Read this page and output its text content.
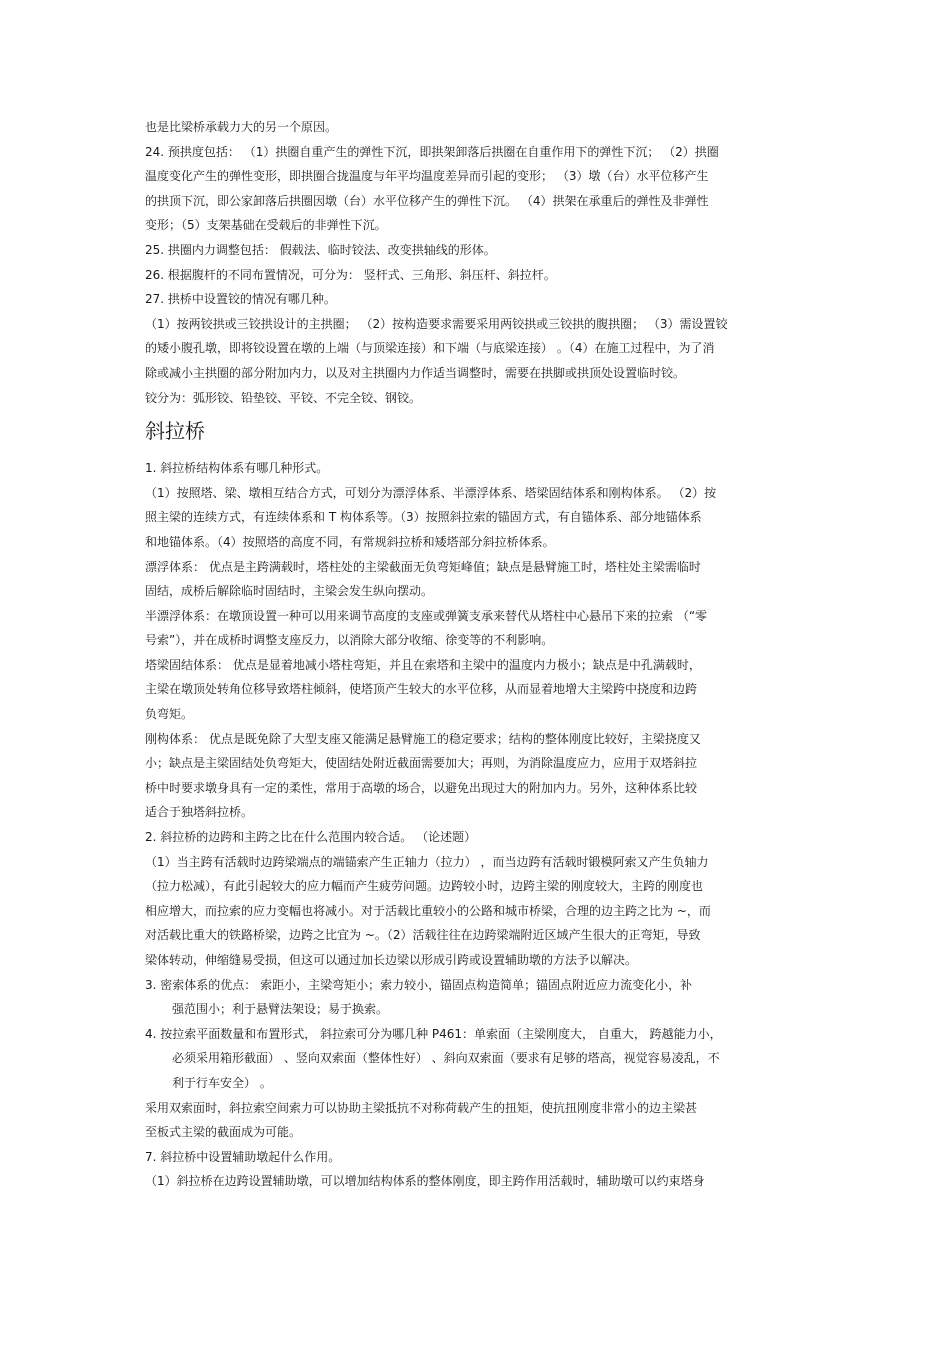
也是比梁桥承载力大的另一个原因。
24. 预拱度包括： （1）拱圈自重产生的弹性下沉，即拱架卸落后拱圈在自重作用下的弹性下沉； （2）拱圈
温度变化产生的弹性变形，即拱圈合拢温度与年平均温度差异而引起的变形； （3）墩（台）水平位移产生
的拱顶下沉，即公家卸落后拱圈因墩（台）水平位移产生的弹性下沉。 （4）拱架在承重后的弹性及非弹性
变形；（5）支架基础在受载后的非弹性下沉。
25. 拱圈内力调整包括： 假载法、临时铰法、改变拱轴线的形体。
26. 根据腹杆的不同布置情况，可分为： 竖杆式、三角形、斜压杆、斜拉杆。
27. 拱桥中设置铰的情况有哪几种。
（1）按两铰拱或三铰拱设计的主拱圈； （2）按构造要求需要采用两铰拱或三铰拱的腹拱圈； （3）需设置铰
的矮小腹孔墩，即将铰设置在墩的上端（与顶梁连接）和下端（与底梁连接） 。（4）在施工过程中，为了消
除或减小主拱圈的部分附加内力，以及对主拱圈内力作适当调整时，需要在拱脚或拱顶处设置临时铰。
铰分为：弧形铰、铅垫铰、平铰、不完全铰、钢铰。
斜拉桥
1. 斜拉桥结构体系有哪几种形式。
（1）按照塔、梁、墩相互结合方式，可划分为漂浮体系、半漂浮体系、塔梁固结体系和刚构体系。 （2）按
照主梁的连续方式，有连续体系和 T 构体系等。（3）按照斜拉索的锚固方式，有自锚体系、部分地锚体系
和地锚体系。（4）按照塔的高度不同，有常规斜拉桥和矮塔部分斜拉桥体系。
漂浮体系： 优点是主跨满载时，塔柱处的主梁截面无负弯矩峰值；缺点是悬臂施工时，塔柱处主梁需临时
固结，成桥后解除临时固结时，主梁会发生纵向摆动。
半漂浮体系：在墩顶设置一种可以用来调节高度的支座或弹簧支承来替代从塔柱中心悬吊下来的拉索 （“零
号索”），并在成桥时调整支座反力，以消除大部分收缩、徐变等的不利影响。
塔梁固结体系： 优点是显着地减小塔柱弯矩，并且在索塔和主梁中的温度内力极小；缺点是中孔满载时，
主梁在墩顶处转角位移导致塔柱倾斜，使塔顶产生较大的水平位移，从而显着地增大主梁跨中挠度和边跨
负弯矩。
刚构体系： 优点是既免除了大型支座又能满足悬臂施工的稳定要求；结构的整体刚度比较好，主梁挠度又
小；缺点是主梁固结处负弯矩大，使固结处附近截面需要加大；再则，为消除温度应力，应用于双塔斜拉
桥中时要求墩身具有一定的柔性，常用于高墩的场合，以避免出现过大的附加内力。另外，这种体系比较
适合于独塔斜拉桥。
2. 斜拉桥的边跨和主跨之比在什么范围内较合适。 （论述题）
（1）当主跨有活载时边跨梁端点的端锚索产生正轴力（拉力） ，而当边跨有活载时锻模阿索又产生负轴力
（拉力松减），有此引起较大的应力幅而产生疲劳问题。边跨较小时，边跨主梁的刚度较大，主跨的刚度也
相应增大，而拉索的应力变幅也将减小。对于活载比重较小的公路和城市桥梁，合理的边主跨之比为 ~，而
对活载比重大的铁路桥梁，边跨之比宜为 ~。（2）活载往往在边跨梁端附近区域产生很大的正弯矩，导致
梁体转动，伸缩缝易受损，但这可以通过加长边梁以形成引跨或设置辅助墩的方法予以解决。
3. 密索体系的优点： 索距小，主梁弯矩小；索力较小，锚固点构造简单；锚固点附近应力流变化小，补
强范围小；利于悬臂法架设；易于换索。
4. 按拉索平面数量和布置形式， 斜拉索可分为哪几种 P461：单索面（主梁刚度大， 自重大， 跨越能力小，
必须采用箱形截面） 、竖向双索面（整体性好） 、斜向双索面（要求有足够的塔高，视觉容易凌乱，不
利于行车安全） 。
采用双索面时，斜拉索空间索力可以协助主梁抵抗不对称荷载产生的扭矩，使抗扭刚度非常小的边主梁甚
至板式主梁的截面成为可能。
7. 斜拉桥中设置辅助墩起什么作用。
（1）斜拉桥在边跨设置辅助墩，可以增加结构体系的整体刚度，即主跨作用活载时，辅助墩可以约束塔身
